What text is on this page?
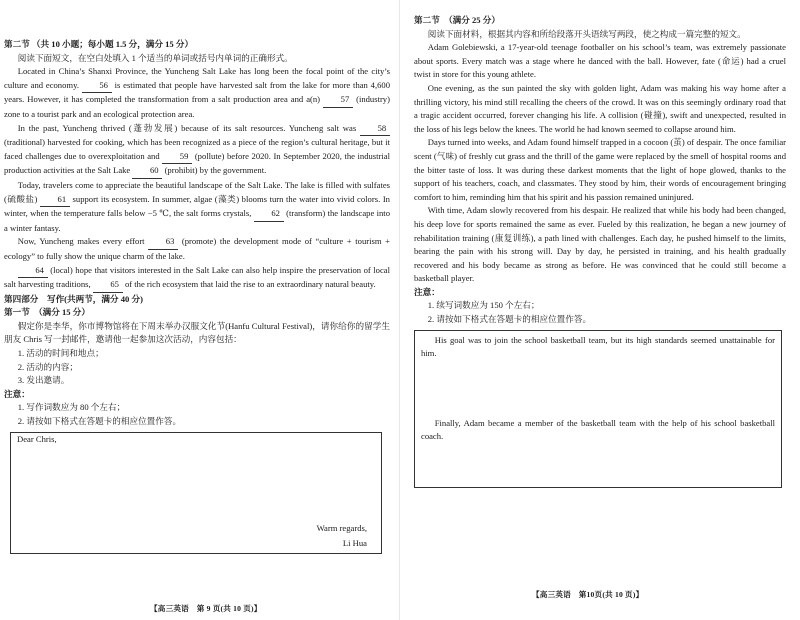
第二节 （共 10 小题；每小题 1.5 分，满分 15 分）

阅读下面短文，在空白处填入 1 个适当的单词或括号内单词的正确形式。

Located in China’s Shanxi Province, the Yuncheng Salt Lake has long been the focal point of the city’s culture and economy. 56 is estimated that people have harvested salt from the lake for more than 4,600 years. However, it has completed the transformation from a salt production area and a(n) 57 (industry) zone to a tourist park and an ecological protection area.

In the past, Yuncheng thrived (蓬勃发展) because of its salt resources. Yuncheng salt was 58 (traditional) harvested for cooking, which has been recognized as a piece of the region’s cultural heritage, but it faced challenges due to overexploitation and 59 (pollute) before 2020. In September 2020, the industrial production activities at the Salt Lake 60 (prohibit) by the government.

Today, travelers come to appreciate the beautiful landscape of the Salt Lake. The lake is filled with sulfates (硫酸盐) 61 support its ecosystem. In summer, algae (藻类) blooms turn the water into vivid colors. In winter, when the temperature falls below −5 ℃, the salt forms crystals, 62 (transform) the landscape into a winter fantasy.

Now, Yuncheng makes every effort 63 (promote) the development mode of “culture + tourism + ecology” to fully show the unique charm of the lake.

64 (local) hope that visitors interested in the Salt Lake can also help inspire the preservation of local salt harvesting traditions, 65 of the rich ecosystem that laid the rise to an extraordinary natural beauty.

第四部分　写作(共两节，满分 40 分)

第一节　（满分 15 分）

假定你是李华，你市博物馆将在下周末举办汉服文化节(Hanfu Cultural Festival)，请你给你的留学生朋友 Chris 写一封邮件，邀请他一起参加这次活动，内容包括：

1. 活动的时间和地点；

2. 活动的内容；

3. 发出邀请。

注意：

1. 写作词数应为 80 个左右；

2. 请按如下格式在答题卡的相应位置作答。

Dear Chris,

Warm regards,

Li Hua

【高三英语　第 9 页(共 10 页)】

第二节　（满分 25 分）

阅读下面材料，根据其内容和所给段落开头语续写两段，使之构成一篇完整的短文。

Adam Golebiewski, a 17-year-old teenage footballer on his school’s team, was extremely passionate about sports. Every match was a stage where he danced with the ball. However, fate (命运) had a cruel twist in store for this young athlete.

One evening, as the sun painted the sky with golden light, Adam was making his way home after a thrilling victory, his mind still recalling the cheers of the crowd. It was on this seemingly ordinary road that a tragic accident occurred, forever changing his life. A collision (碰撞), swift and unexpected, resulted in the loss of his legs below the knees. The world he had known seemed to collapse around him.

Days turned into weeks, and Adam found himself trapped in a cocoon (茧) of despair. The once familiar scent (气味) of freshly cut grass and the thrill of the game were replaced by the smell of hospital rooms and the bitter taste of loss. It was during these darkest moments that the light of hope glowed, thanks to the support of his teachers, coach, and classmates. They stood by him, their words of encouragement bringing comfort to him, reminding him that his spirit and his passion remained uninjured.

With time, Adam slowly recovered from his despair. He realized that while his body had been changed, his deep love for sports remained the same as ever. Fueled by this realization, he began a new journey of rehabilitation training (康复训练), a path lined with challenges. Each day, he pushed himself to the limits, bearing the pain with his strong will. Day by day, he persisted in training, and his health gradually recovered and his body became as strong as before. He was convinced that he could still become a basketball player.

注意：

1. 续写词数应为 150 个左右；

2. 请按如下格式在答题卡的相应位置作答。

His goal was to join the school basketball team, but its high standards seemed unattainable for him.

Finally, Adam became a member of the basketball team with the help of his school basketball coach.

【高三英语　第10页(共 10 页)】
